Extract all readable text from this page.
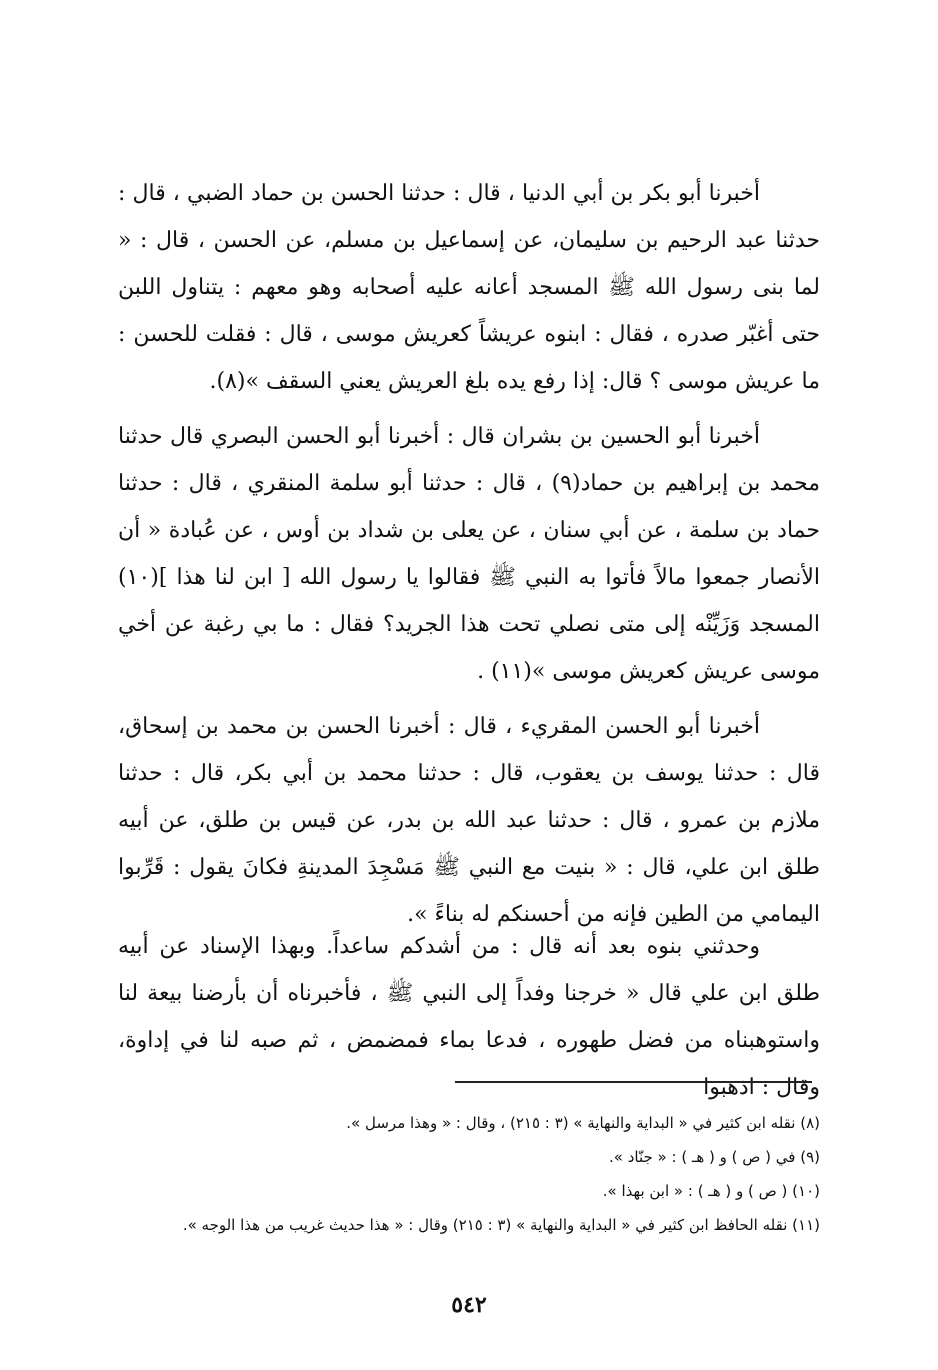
أخبرنا أبو بكر بن أبي الدنيا ، قال : حدثنا الحسن بن حماد الضبي ، قال : حدثنا عبد الرحيم بن سليمان، عن إسماعيل بن مسلم، عن الحسن ، قال : « لما بنى رسول الله ﷺ المسجد أعانه عليه أصحابه وهو معهم : يتناول اللبن حتى أغبّر صدره ، فقال : ابنوه عريشاً كعريش موسى ، قال : فقلت للحسن : ما عريش موسى ؟ قال: إذا رفع يده بلغ العريش يعني السقف »(٨).

أخبرنا أبو الحسين بن بشران قال : أخبرنا أبو الحسن البصري قال حدثنا محمد بن إبراهيم بن حماد(٩) ، قال : حدثنا أبو سلمة المنقري ، قال : حدثنا حماد بن سلمة ، عن أبي سنان ، عن يعلى بن شداد بن أوس ، عن عُبادة « أن الأنصار جمعوا مالاً فأتوا به النبي ﷺ فقالوا يا رسول الله [ ابن لنا هذا ](١٠) المسجد وَزَيِّنْه إلى متى نصلي تحت هذا الجريد؟ فقال : ما بي رغبة عن أخي موسى عريش كعريش موسى »(١١) .

أخبرنا أبو الحسن المقريء ، قال : أخبرنا الحسن بن محمد بن إسحاق، قال : حدثنا يوسف بن يعقوب، قال : حدثنا محمد بن أبي بكر، قال : حدثنا ملازم بن عمرو ، قال : حدثنا عبد الله بن بدر، عن قيس بن طلق، عن أبيه طلق ابن علي، قال : « بنيت مع النبي ﷺ مَسْجِدَ المدينةِ فكانَ يقول : قَرِّبوا اليمامي من الطين فإنه من أحسنكم له بناءً ».

وحدثني بنوه بعد أنه قال : من أشدكم ساعداً. وبهذا الإسناد عن أبيه طلق ابن علي قال « خرجنا وفداً إلى النبي ﷺ ، فأخبرناه أن بأرضنا بيعة لنا واستوهبناه من فضل طهوره ، فدعا بماء فمضمض ، ثم صبه لنا في إداوة، وقال : اذهبوا

(٨) نقله ابن كثير في « البداية والنهاية » (٣ : ٢١٥) ، وقال : « وهذا مرسل ».
(٩) في ( ص ) و ( هـ ) : « جنّاد ».
(١٠) ( ص ) و ( هـ ) : « ابن بهذا ».
(١١) نقله الحافظ ابن كثير في « البداية والنهاية » (٣ : ٢١٥) وقال : « هذا حديث غريب من هذا الوجه ».
٥٤٢
